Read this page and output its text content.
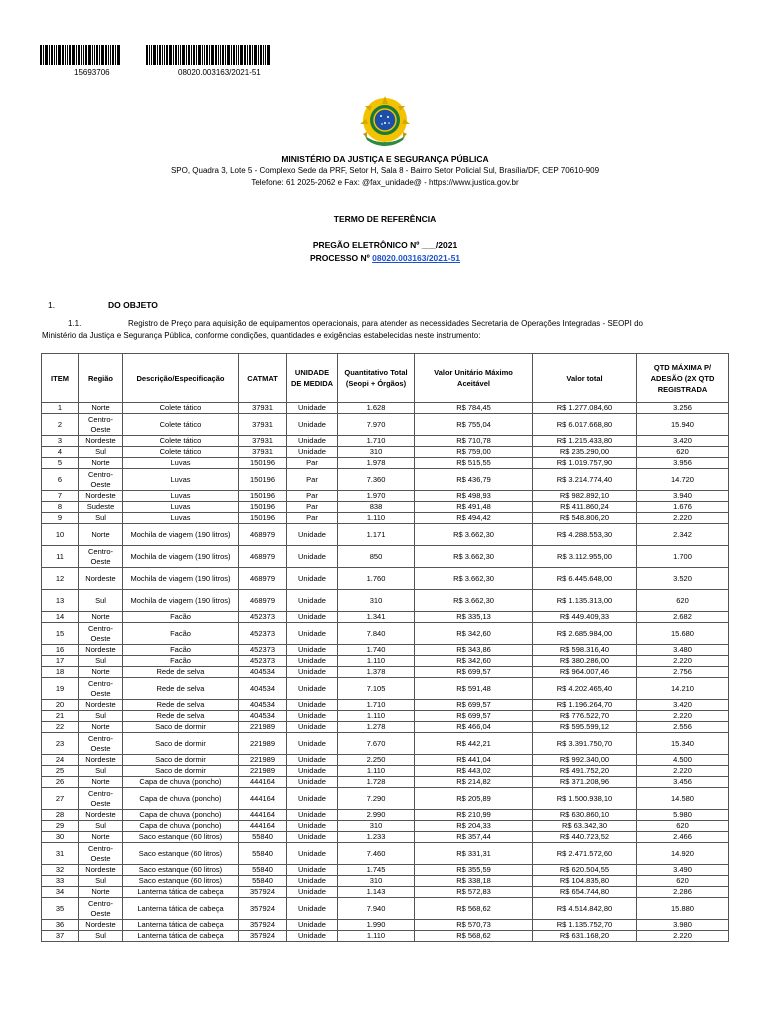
15693706	08020.003163/2021-51
MINISTÉRIO DA JUSTIÇA E SEGURANÇA PÚBLICA
SPO, Quadra 3, Lote 5 - Complexo Sede da PRF, Setor H, Sala 8 - Bairro Setor Policial Sul, Brasília/DF, CEP 70610-909
Telefone: 61 2025-2062 e Fax: @fax_unidade@ - https://www.justica.gov.br
TERMO DE REFERÊNCIA
PREGÃO ELETRÔNICO Nº ___/2021
PROCESSO Nº 08020.003163/2021-51
1.	DO OBJETO
1.1.	Registro de Preço para aquisição de equipamentos operacionais, para atender as necessidades Secretaria de Operações Integradas - SEOPI do
Ministério da Justiça e Segurança Pública, conforme condições, quantidades e exigências estabelecidas neste instrumento:
ITEM	Região	Descrição/Especificação	CATMAT	UNIDADE DE MEDIDA	Quantitativo Total (Seopi + Órgãos)	Valor Unitário Máximo Aceitável	Valor total	QTD MÁXIMA P/ ADESÃO (2X QTD REGISTRADA
1	Norte	Colete tático	37931	Unidade	1.628	R$ 784,45	R$ 1.277.084,60	3.256
2	Centro-Oeste	Colete tático	37931	Unidade	7.970	R$ 755,04	R$ 6.017.668,80	15.940
3	Nordeste	Colete tático	37931	Unidade	1.710	R$ 710,78	R$ 1.215.433,80	3.420
4	Sul	Colete tático	37931	Unidade	310	R$ 759,00	R$ 235.290,00	620
5	Norte	Luvas	150196	Par	1.978	R$ 515,55	R$ 1.019.757,90	3.956
6	Centro-Oeste	Luvas	150196	Par	7.360	R$ 436,79	R$ 3.214.774,40	14.720
7	Nordeste	Luvas	150196	Par	1.970	R$ 498,93	R$ 982.892,10	3.940
8	Sudeste	Luvas	150196	Par	838	R$ 491,48	R$ 411.860,24	1.676
9	Sul	Luvas	150196	Par	1.110	R$ 494,42	R$ 548.806,20	2.220
10	Norte	Mochila de viagem (190 litros)	468979	Unidade	1.171	R$ 3.662,30	R$ 4.288.553,30	2.342
11	Centro-Oeste	Mochila de viagem (190 litros)	468979	Unidade	850	R$ 3.662,30	R$ 3.112.955,00	1.700
12	Nordeste	Mochila de viagem (190 litros)	468979	Unidade	1.760	R$ 3.662,30	R$ 6.445.648,00	3.520
13	Sul	Mochila de viagem (190 litros)	468979	Unidade	310	R$ 3.662,30	R$ 1.135.313,00	620
14	Norte	Facão	452373	Unidade	1.341	R$ 335,13	R$ 449.409,33	2.682
15	Centro-Oeste	Facão	452373	Unidade	7.840	R$ 342,60	R$ 2.685.984,00	15.680
16	Nordeste	Facão	452373	Unidade	1.740	R$ 343,86	R$ 598.316,40	3.480
17	Sul	Facão	452373	Unidade	1.110	R$ 342,60	R$ 380.286,00	2.220
18	Norte	Rede de selva	404534	Unidade	1.378	R$ 699,57	R$ 964.007,46	2.756
19	Centro-Oeste	Rede de selva	404534	Unidade	7.105	R$ 591,48	R$ 4.202.465,40	14.210
20	Nordeste	Rede de selva	404534	Unidade	1.710	R$ 699,57	R$ 1.196.264,70	3.420
21	Sul	Rede de selva	404534	Unidade	1.110	R$ 699,57	R$ 776.522,70	2.220
22	Norte	Saco de dormir	221989	Unidade	1.278	R$ 466,04	R$ 595.599,12	2.556
23	Centro-Oeste	Saco de dormir	221989	Unidade	7.670	R$ 442,21	R$ 3.391.750,70	15.340
24	Nordeste	Saco de dormir	221989	Unidade	2.250	R$ 441,04	R$ 992.340,00	4.500
25	Sul	Saco de dormir	221989	Unidade	1.110	R$ 443,02	R$ 491.752,20	2.220
26	Norte	Capa de chuva (poncho)	444164	Unidade	1.728	R$ 214,82	R$ 371.208,96	3.456
27	Centro-Oeste	Capa de chuva (poncho)	444164	Unidade	7.290	R$ 205,89	R$ 1.500.938,10	14.580
28	Nordeste	Capa de chuva (poncho)	444164	Unidade	2.990	R$ 210,99	R$ 630.860,10	5.980
29	Sul	Capa de chuva (poncho)	444164	Unidade	310	R$ 204,33	R$ 63.342,30	620
30	Norte	Saco estanque (60 litros)	55840	Unidade	1.233	R$ 357,44	R$ 440.723,52	2.466
31	Centro-Oeste	Saco estanque (60 litros)	55840	Unidade	7.460	R$ 331,31	R$ 2.471.572,60	14.920
32	Nordeste	Saco estanque (60 litros)	55840	Unidade	1.745	R$ 355,59	R$ 620.504,55	3.490
33	Sul	Saco estanque (60 litros)	55840	Unidade	310	R$ 338,18	R$ 104.835,80	620
34	Norte	Lanterna tática de cabeça	357924	Unidade	1.143	R$ 572,83	R$ 654.744,80	2.286
35	Centro-Oeste	Lanterna tática de cabeça	357924	Unidade	7.940	R$ 568,62	R$ 4.514.842,80	15.880
36	Nordeste	Lanterna tática de cabeça	357924	Unidade	1.990	R$ 570,73	R$ 1.135.752,70	3.980
37	Sul	Lanterna tática de cabeça	357924	Unidade	1.110	R$ 568,62	R$ 631.168,20	2.220
